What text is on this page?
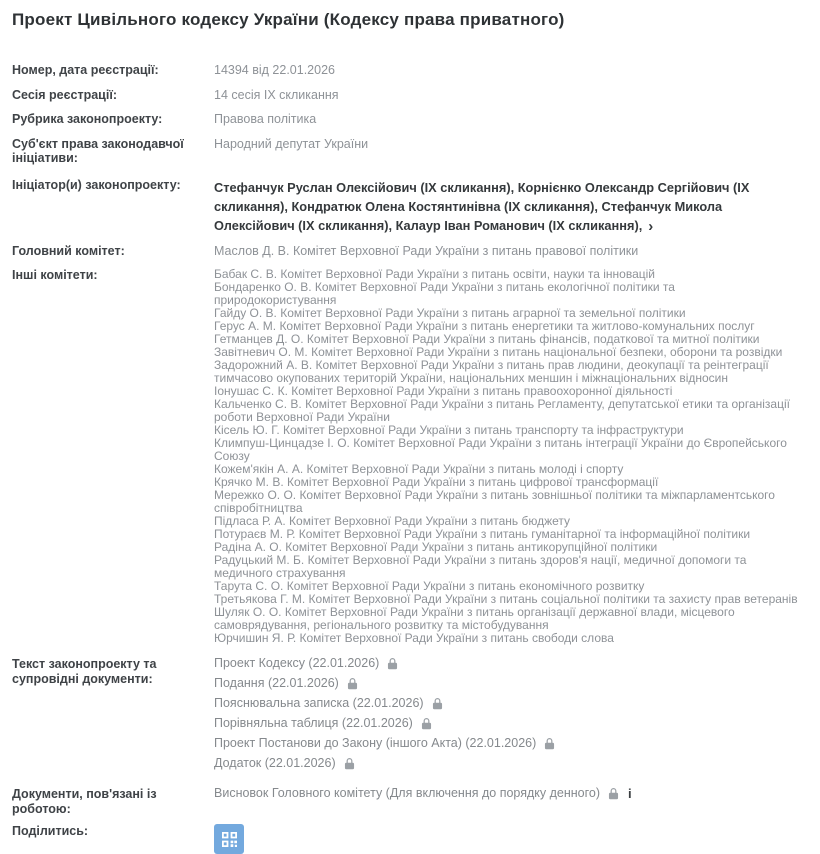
Проект Цивільного кодексу України (Кодексу права приватного)
Номер, дата реєстрації:	14394 від 22.01.2026
Сесія реєстрації:	14 сесія IX скликання
Рубрика законопроекту:	Правова політика
Суб'єкт права законодавчої ініціативи:
Народний депутат України
Ініціатор(и) законопроекту:	Стефанчук Руслан Олексійович (IX скликання), Корнієнко Олександр Сергійович (IX скликання), Кондратюк Олена Костянтинівна (IX скликання), Стефанчук Микола Олексійович (IX скликання), Калаур Іван Романович (IX скликання), ›
Головний комітет:	Маслов Д. В. Комітет Верховної Ради України з питань правової політики
Інші комітети:	Бабак С. В. Комітет Верховної Ради України з питань освіти, науки та інновацій
Бондаренко О. В. Комітет Верховної Ради України з питань екологічної політики та природокористування
Гайду О. В. Комітет Верховної Ради України з питань аграрної та земельної політики
Герус А. М. Комітет Верховної Ради України з питань енергетики та житлово-комунальних послуг
Гетманцев Д. О. Комітет Верховної Ради України з питань фінансів, податкової та митної політики
Завітневич О. М. Комітет Верховної Ради України з питань національної безпеки, оборони та розвідки
Задорожний А. В. Комітет Верховної Ради України з питань прав людини, деокупації та реінтеграції тимчасово окупованих територій України, національних меншин і міжнаціональних відносин
Іонушас С. К. Комітет Верховної Ради України з питань правоохоронної діяльності
Кальченко С. В. Комітет Верховної Ради України з питань Регламенту, депутатської етики та організації роботи Верховної Ради України
Кісель Ю. Г. Комітет Верховної Ради України з питань транспорту та інфраструктури
Климпуш-Цинцадзе І. О. Комітет Верховної Ради України з питань інтеграції України до Європейського Союзу
Кожем'якін А. А. Комітет Верховної Ради України з питань молоді і спорту
Крячко М. В. Комітет Верховної Ради України з питань цифрової трансформації
Мережко О. О. Комітет Верховної Ради України з питань зовнішньої політики та міжпарламентського співробітництва
Підласа Р. А. Комітет Верховної Ради України з питань бюджету
Потураєв М. Р. Комітет Верховної Ради України з питань гуманітарної та інформаційної політики
Радіна А. О. Комітет Верховної Ради України з питань антикорупційної політики
Радуцький М. Б. Комітет Верховної Ради України з питань здоров'я нації, медичної допомоги та медичного страхування
Тарута С. О. Комітет Верховної Ради України з питань економічного розвитку
Третьякова Г. М. Комітет Верховної Ради України з питань соціальної політики та захисту прав ветеранів
Шуляк О. О. Комітет Верховної Ради України з питань організації державної влади, місцевого самоврядування, регіонального розвитку та містобудування
Юрчишин Я. Р. Комітет Верховної Ради України з питань свободи слова
Текст законопроекту та супровідні документи:
Проект Кодексу (22.01.2026)
Подання (22.01.2026)
Пояснювальна записка (22.01.2026)
Порівняльна таблиця (22.01.2026)
Проект Постанови до Закону (іншого Акта) (22.01.2026)
Додаток (22.01.2026)
Документи, пов'язані із роботою:
Висновок Головного комітету (Для включення до порядку денного) i
Поділитись:
